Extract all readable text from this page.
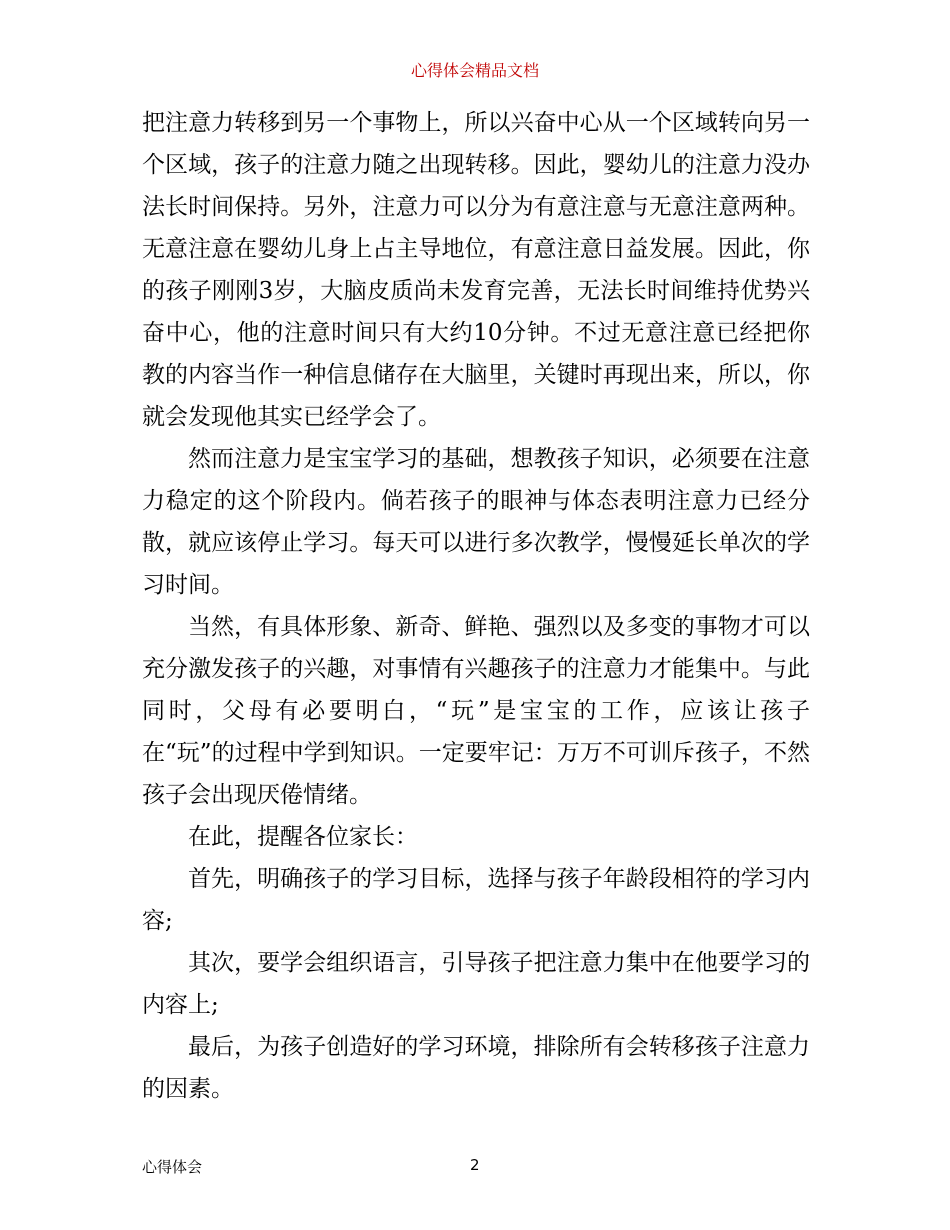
心得体会精品文档

把注意力转移到另一个事物上，所以兴奋中心从一个区域转向另一个区域，孩子的注意力随之出现转移。因此，婴幼儿的注意力没办法长时间保持。另外，注意力可以分为有意注意与无意注意两种。无意注意在婴幼儿身上占主导地位，有意注意日益发展。因此，你的孩子刚刚3岁，大脑皮质尚未发育完善，无法长时间维持优势兴奋中心，他的注意时间只有大约10分钟。不过无意注意已经把你教的内容当作一种信息储存在大脑里，关键时再现出来，所以，你就会发现他其实已经学会了。

然而注意力是宝宝学习的基础，想教孩子知识，必须要在注意力稳定的这个阶段内。倘若孩子的眼神与体态表明注意力已经分散，就应该停止学习。每天可以进行多次教学，慢慢延长单次的学习时间。

当然，有具体形象、新奇、鲜艳、强烈以及多变的事物才可以充分激发孩子的兴趣，对事情有兴趣孩子的注意力才能集中。与此同时，父母有必要明白，“玩”是宝宝的工作，应该让孩子在“玩”的过程中学到知识。一定要牢记：万万不可训斥孩子，不然孩子会出现厌倦情绪。

在此，提醒各位家长：

首先，明确孩子的学习目标，选择与孩子年龄段相符的学习内容;

其次，要学会组织语言，引导孩子把注意力集中在他要学习的内容上;

最后，为孩子创造好的学习环境，排除所有会转移孩子注意力的因素。

心得体会	2
